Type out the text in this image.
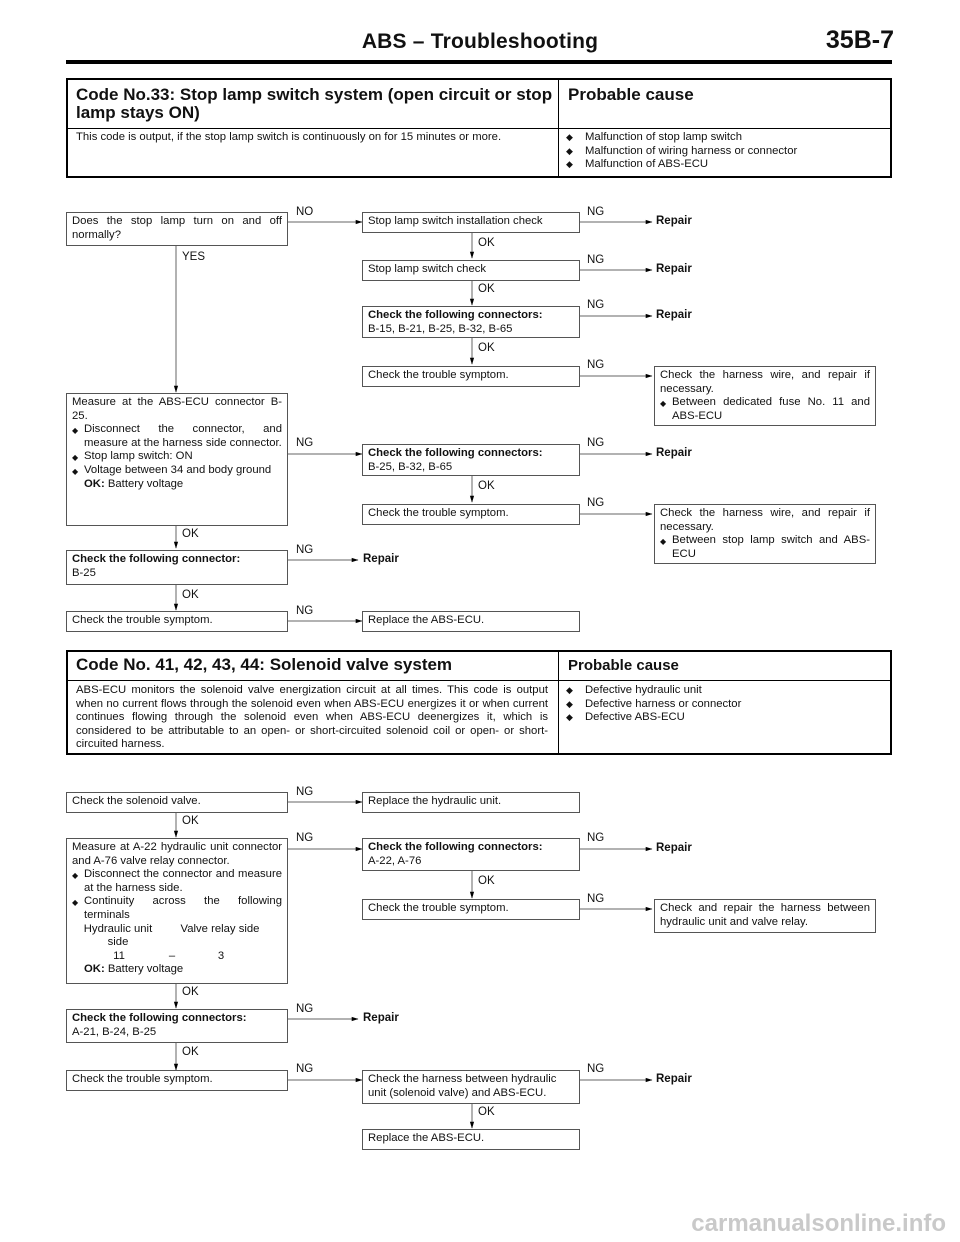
ABS – Troubleshooting	35B-7
Code No.33: Stop lamp switch system (open circuit or stop lamp stays ON)
Probable cause
This code is output, if the stop lamp switch is continuously on for 15 minutes or more.
◆	Malfunction of stop lamp switch
◆ Malfunction of wiring harness or connector
◆ Malfunction of ABS-ECU
Does the stop lamp turn on and off normally?
NO
YES
Stop lamp switch installation check
NG
Repair
OK
Stop lamp switch check
NG
Repair
OK
Check the following connectors:
B-15, B-21, B-25, B-32, B-65
NG
Repair
OK
Check the trouble symptom.
NG
Check the harness wire, and repair if necessary.
◆ Between dedicated fuse No. 11 and ABS-ECU
Measure at the ABS-ECU connector B-25.
◆ Disconnect the connector, and measure at the harness side connector.
◆ Stop lamp switch: ON
◆ Voltage between 34 and body ground
OK: Battery voltage
NG
Check the following connectors:
B-25, B-32, B-65
NG
Repair
OK
Check the trouble symptom.
NG
Check the harness wire, and repair if necessary.
◆ Between stop lamp switch and ABS-ECU
OK
Check the following connector:
B-25
NG
Repair
OK
Check the trouble symptom.
NG
Replace the ABS-ECU.
Code No. 41, 42, 43, 44: Solenoid valve system	Probable cause
ABS-ECU monitors the solenoid valve energization circuit at all times. This code is output when no current flows through the solenoid even when ABS-ECU energizes it or when current continues flowing through the solenoid even when ABS-ECU deenergizes it, which is considered to be attributable to an open- or short-circuited solenoid coil or open- or short-circuited harness.
◆ Defective hydraulic unit
◆ Defective harness or connector
◆ Defective ABS-ECU
Check the solenoid valve.
NG
Replace the hydraulic unit.
OK
Measure at A-22 hydraulic unit connector and A-76 valve relay connector.
◆ Disconnect the connector and measure at the harness side.
◆ Continuity across the following terminals
Hydraulic unit side
Valve relay side
11	–	3
OK: Battery voltage
NG
Check the following connectors:
A-22, A-76
NG
Repair
OK
Check the trouble symptom.
NG
Check and repair the harness between hydraulic unit and valve relay.
OK
Check the following connectors:
A-21, B-24, B-25
NG
Repair
OK
Check the trouble symptom.
NG
Check the harness between hydraulic unit (solenoid valve) and ABS-ECU.
NG
Repair
OK
Replace the ABS-ECU.
carmanualsonline.info
